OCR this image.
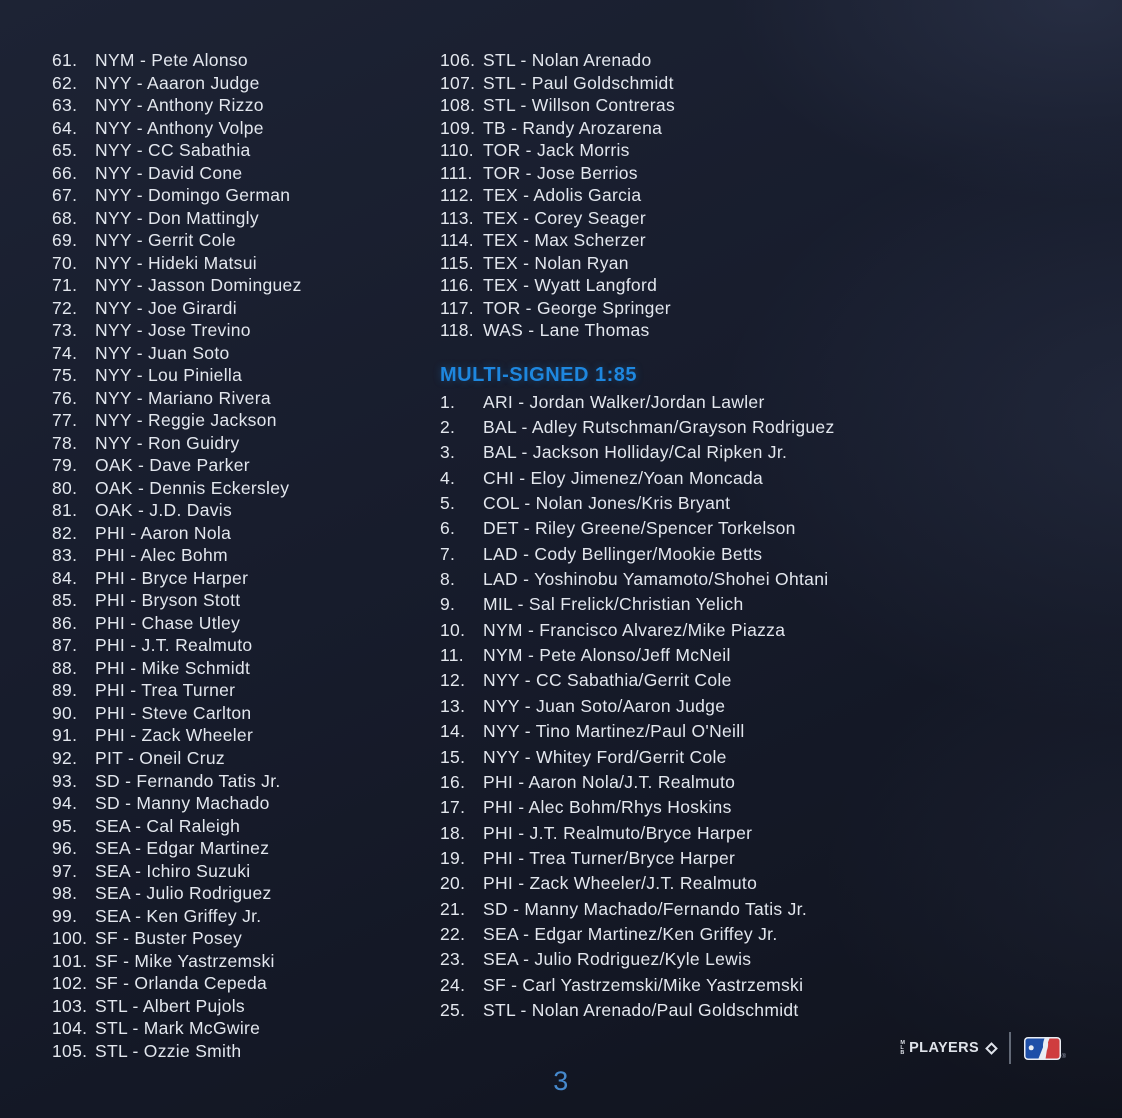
61.	NYM - Pete Alonso
62.	NYY - Aaaron Judge
63.	NYY - Anthony Rizzo
64.	NYY - Anthony Volpe
65.	NYY - CC Sabathia
66.	NYY - David Cone
67.	NYY - Domingo German
68.	NYY - Don Mattingly
69.	NYY - Gerrit Cole
70.	NYY - Hideki Matsui
71.	NYY - Jasson Dominguez
72.	NYY - Joe Girardi
73.	NYY - Jose Trevino
74.	NYY - Juan Soto
75.	NYY - Lou Piniella
76.	NYY - Mariano Rivera
77.	NYY - Reggie Jackson
78.	NYY - Ron Guidry
79.	OAK - Dave Parker
80.	OAK - Dennis Eckersley
81.	OAK - J.D. Davis
82.	PHI - Aaron Nola
83.	PHI - Alec Bohm
84.	PHI - Bryce Harper
85.	PHI - Bryson Stott
86.	PHI - Chase Utley
87.	PHI - J.T. Realmuto
88.	PHI - Mike Schmidt
89.	PHI - Trea Turner
90.	PHI - Steve Carlton
91.	PHI - Zack Wheeler
92.	PIT - Oneil Cruz
93.	SD - Fernando Tatis Jr.
94.	SD - Manny Machado
95.	SEA - Cal Raleigh
96.	SEA - Edgar Martinez
97.	SEA - Ichiro Suzuki
98.	SEA - Julio Rodriguez
99.	SEA - Ken Griffey Jr.
100. SF - Buster Posey
101. SF - Mike Yastrzemski
102. SF - Orlanda Cepeda
103. STL - Albert Pujols
104. STL - Mark McGwire
105. STL - Ozzie Smith
106. STL - Nolan Arenado
107. STL - Paul Goldschmidt
108. STL - Willson Contreras
109. TB - Randy Arozarena
110. TOR - Jack Morris
111. TOR - Jose Berrios
112. TEX - Adolis Garcia
113. TEX - Corey Seager
114. TEX - Max Scherzer
115. TEX - Nolan Ryan
116. TEX - Wyatt Langford
117. TOR - George Springer
118. WAS - Lane Thomas
MULTI-SIGNED 1:85
1.	ARI - Jordan Walker/Jordan Lawler
2.	BAL - Adley Rutschman/Grayson Rodriguez
3.	BAL - Jackson Holliday/Cal Ripken Jr.
4.	CHI - Eloy Jimenez/Yoan Moncada
5.	COL - Nolan Jones/Kris Bryant
6.	DET - Riley Greene/Spencer Torkelson
7.	LAD - Cody Bellinger/Mookie Betts
8.	LAD - Yoshinobu Yamamoto/Shohei Ohtani
9.	MIL - Sal Frelick/Christian Yelich
10.	NYM - Francisco Alvarez/Mike Piazza
11.	NYM - Pete Alonso/Jeff McNeil
12.	NYY - CC Sabathia/Gerrit Cole
13.	NYY - Juan Soto/Aaron Judge
14.	NYY - Tino Martinez/Paul O'Neill
15.	NYY - Whitey Ford/Gerrit Cole
16.	PHI - Aaron Nola/J.T. Realmuto
17.	PHI - Alec Bohm/Rhys Hoskins
18.	PHI - J.T. Realmuto/Bryce Harper
19.	PHI - Trea Turner/Bryce Harper
20.	PHI - Zack Wheeler/J.T. Realmuto
21.	SD - Manny Machado/Fernando Tatis Jr.
22.	SEA - Edgar Martinez/Ken Griffey Jr.
23.	SEA - Julio Rodriguez/Kyle Lewis
24.	SF - Carl Yastrzemski/Mike Yastrzemski
25.	STL - Nolan Arenado/Paul Goldschmidt
M
L
B PLAYERS
®
3
